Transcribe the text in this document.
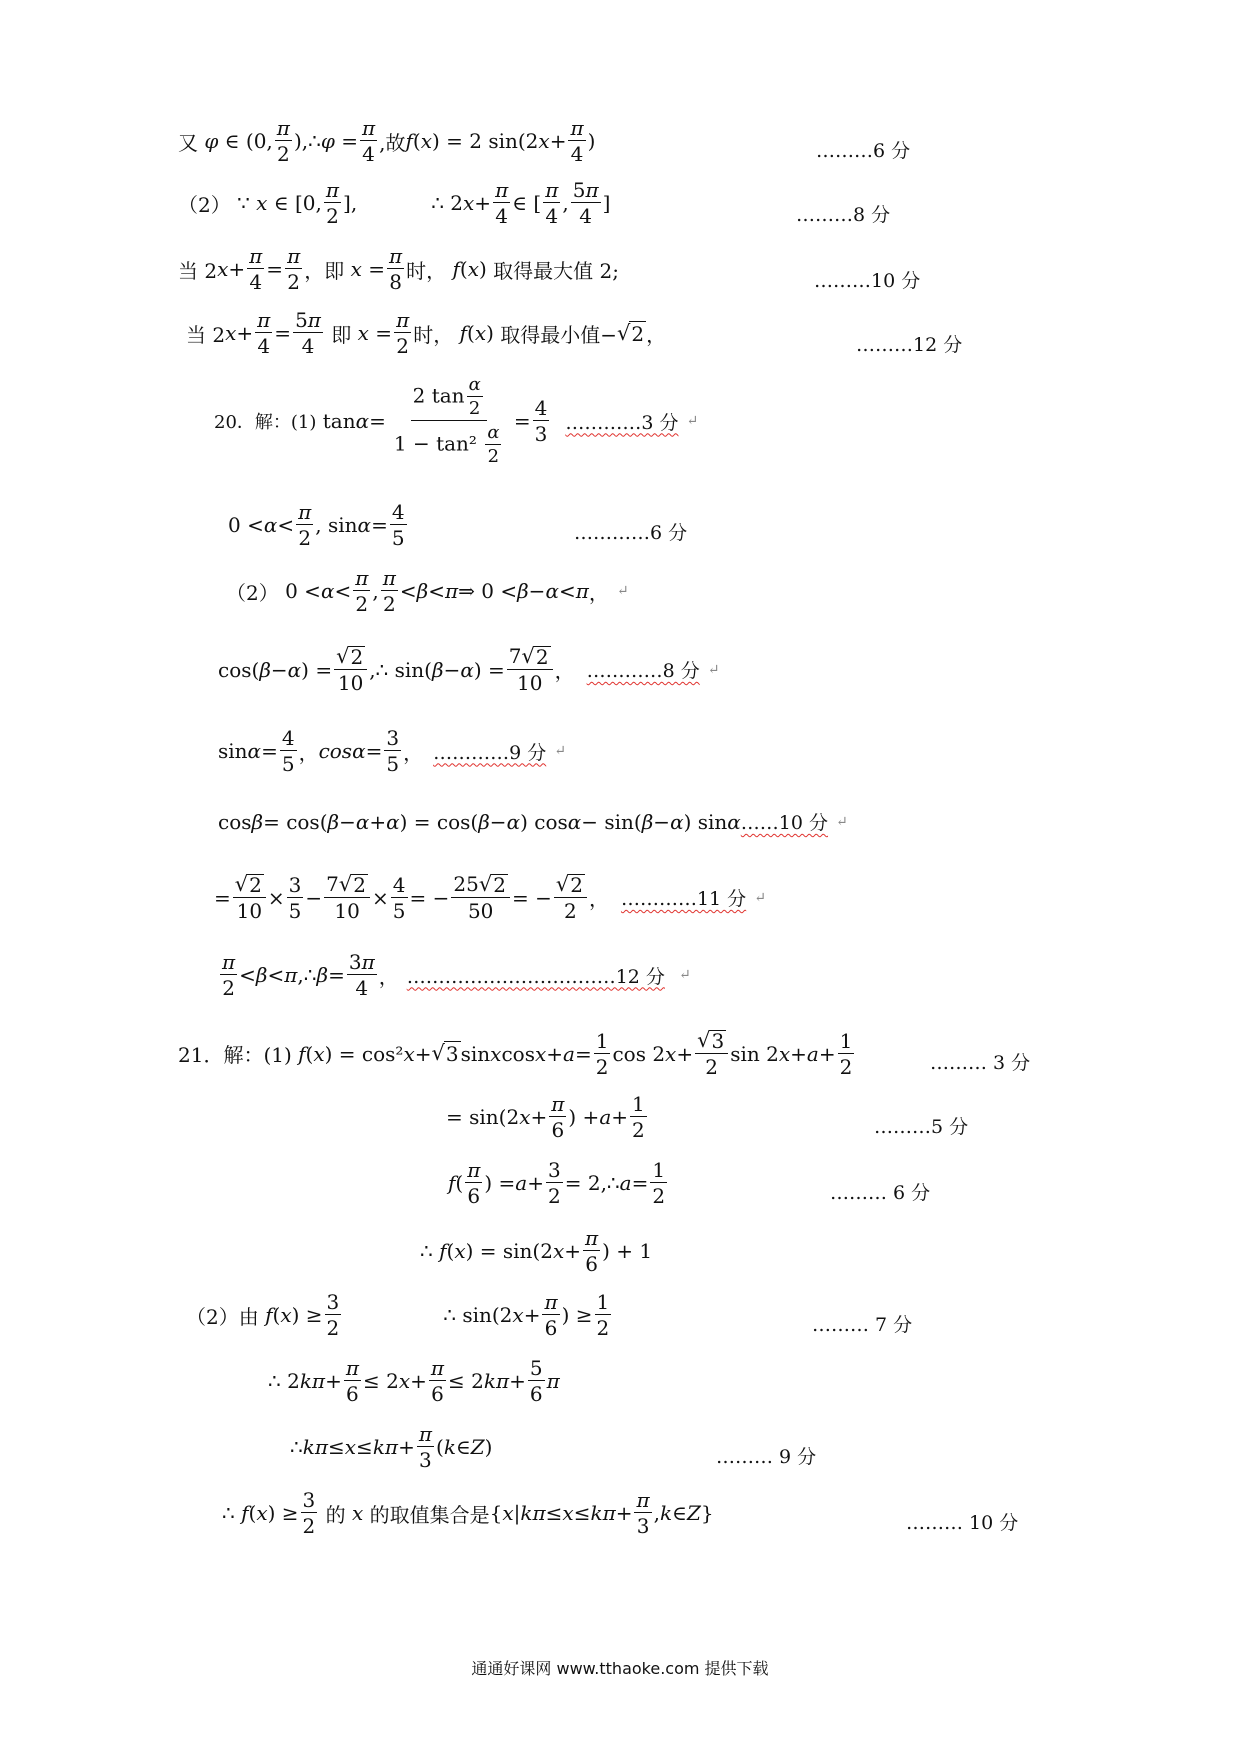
又 φ ∈ (0, $\frac{\pi}{2}$ ),∴ $\varphi = \frac{\pi}{4}$ ,故 f ( x ) = 2 sin(2 $x + \frac{\pi}{4}$ )	………6 分
（2） ∵ x ∈ [0, $\frac{\pi}{2}$ ],	∴ 2 $x + \frac{\pi}{4}$ ∈ [ $\frac{\pi}{4}$ , $\frac{5\pi}{4}$ ]	………8 分
当 2 $x + \frac{\pi}{4} = \frac{\pi}{2}$ ，即
$x = \frac{\pi}{8}$ 时，
f ( x ) 取得最大值 2;	………10 分
当 2 $x + \frac{\pi}{4} = \frac{5\pi}{4}$
即
$x = \frac{\pi}{2}$ 时，
f ( x ) 取得最小值− √ 2 ，	………12 分
20．解：(1) $\tan \alpha = \frac{2 \tan \frac{\alpha}{2}}{1 - \tan^2 \frac{\alpha}{2}} = \frac{4}{3}$ …………3 分 ↵
$0 < \alpha < \frac{\pi}{2}$ , $\sin \alpha = \frac{4}{5}$	…………6 分
（2） $0 < \alpha < \frac{\pi}{2}$ , $\frac{\pi}{2} < \beta < \pi$ ⇒ 0 < β − α < π ， ↵
cos( β − α ) = $\frac{√ 2}{10}$ ,∴ sin( β − α ) = $\frac{7 √ 2}{10}$ ， …………8 分 ↵
$\sin \alpha = \frac{4}{5}$ ， $\cos\alpha = \frac{3}{5}$ ， …………9 分 ↵
cos β = cos( β − α + α ) = cos( β − α ) cos α − sin( β − α ) sin α ……10 分 ↵
= $\frac{√ 2}{10} \times \frac{3}{5} - \frac{7 √ 2}{10} \times \frac{4}{5}$ = − $\frac{25 √ 2}{50}$ = − $\frac{√ 2}{2}$ ， …………11 分 ↵
$\frac{\pi}{2} < \beta < \pi$ ,∴ $\beta = \frac{3\pi}{4}$ ， ……………………………12 分 ↵
21．解：(1)
f ( x ) = cos² x + √ 3 sin x $\cos x + a = \frac{1}{2}$ cos 2 $x + \frac{√ 3}{2}$ sin 2 $x + a + \frac{1}{2}$	……… 3 分
= sin(2 $x + \frac{\pi}{6}$ ) + $a + \frac{1}{2}$	………5 分
f ( $\frac{\pi}{6}$ ) = $a + \frac{3}{2}$ = 2,∴ $a = \frac{1}{2}$	……… 6 分
∴ f ( x ) = sin(2 $x + \frac{\pi}{6}$ ) + 1
（2）由
f ( x ) ≥ $\frac{3}{2}$	∴ sin(2 $x + \frac{\pi}{6}$ ) ≥ $\frac{1}{2}$	……… 7 分
∴ 2 $k\pi + \frac{\pi}{6} \le 2$ $x + \frac{\pi}{6} \le 2$ $k\pi + \frac{5}{6}$ π
∴ $k\pi \le x \le k\pi + \frac{\pi}{3}$ ( k ∈ Z )	……… 9 分
∴ f ( x ) ≥ $\frac{3}{2}$
的
x
的取值集合是 { x | $k\pi \le x \le k\pi + \frac{\pi}{3}$ , k ∈ Z }	……… 10 分
通通好课网 www.tthaoke.com 提供下载
